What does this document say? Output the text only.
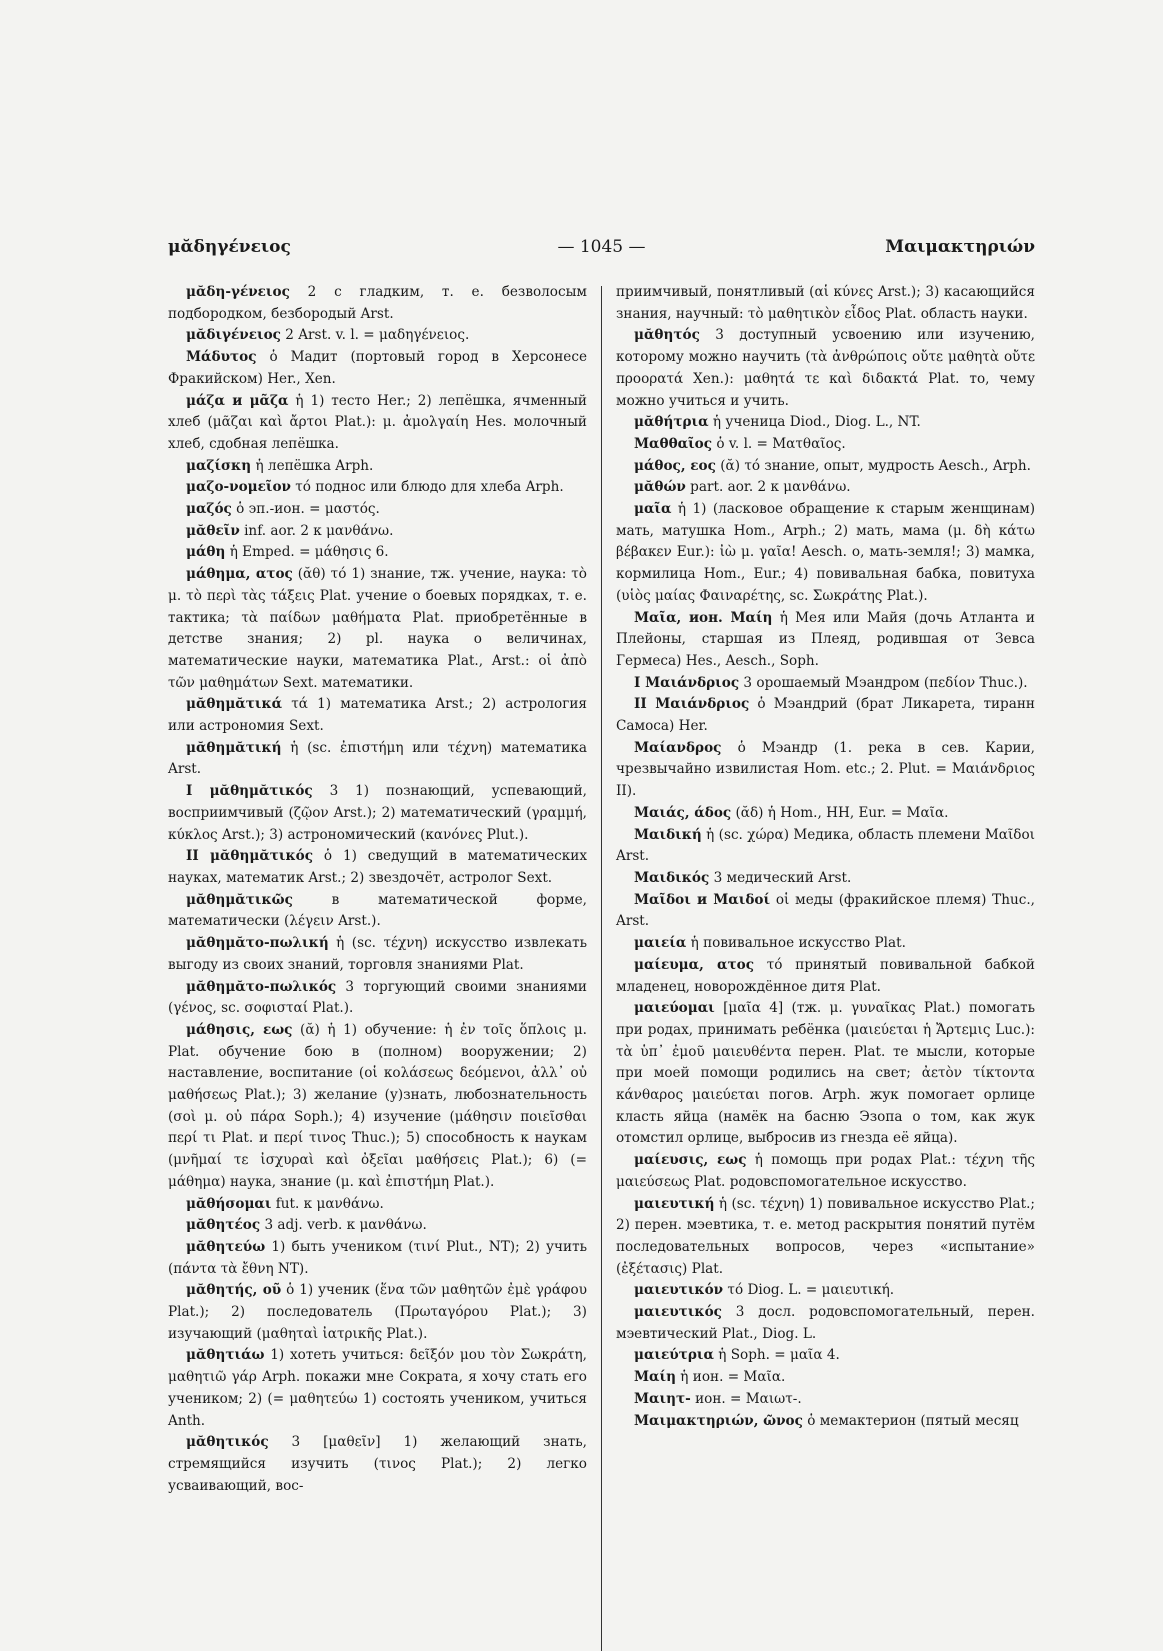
μᾰδηγένειος	— 1045 —	Μαιμακτηριών

μᾰδη-γένειος 2 с гладким, т. е. безволосым подбородком, безбородый Arst.

μᾰδιγένειος 2 Arst. v. l. = μαδηγένειος.

Μάδυτος ὁ Мадит (портовый город в Херсонесе Фракийском) Her., Xen.

μάζα и μᾶζα ἡ 1) тесто Her.; 2) лепёшка, ячменный хлеб (μᾶζαι καὶ ἄρτοι Plat.): μ. ἀμολγαίη Hes. молочный хлеб, сдобная лепёшка.

μαζίσκη ἡ лепёшка Arph.

μαζο-νομεῖον τό поднос или блюдо для хлеба Arph.

μαζός ὁ эп.-ион. = μαστός.

μᾰθεῖν inf. aor. 2 к μανθάνω.

μάθη ἡ Emped. = μάθησις 6.

μάθημα, ατος (ᾰθ) τό 1) знание, тж. учение, наука: τὸ μ. τὸ περὶ τὰς τάξεις Plat. учение о боевых порядках, т. е. тактика; τὰ παίδων μαθήματα Plat. приобретённые в детстве знания; 2) pl. наука о величинах, математические науки, математика Plat., Arst.: οἱ ἀπὸ τῶν μαθημάτων Sext. математики.

μᾰθημᾰτικά τά 1) математика Arst.; 2) астрология или астрономия Sext.

μᾰθημᾰτική ἡ (sc. ἐπιστήμη или τέχνη) математика Arst.

I μᾰθημᾰτικός 3 1) познающий, успевающий, восприимчивый (ζῷον Arst.); 2) математический (γραμμή, κύκλος Arst.); 3) астрономический (κανόνες Plut.).

II μᾰθημᾰτικός ὁ 1) сведущий в математических науках, математик Arst.; 2) звездочёт, астролог Sext.

μᾰθημᾰτικῶς в математической форме, математически (λέγειν Arst.).

μᾰθημᾰτο-πωλική ἡ (sc. τέχνη) искусство извлекать выгоду из своих знаний, торговля знаниями Plat.

μᾰθημᾰτο-πωλικός 3 торгующий своими знаниями (γένος, sc. σοφισταί Plat.).

μάθησις, εως (ᾰ) ἡ 1) обучение: ἡ ἐν τοῖς ὅπλοις μ. Plat. обучение бою в (полном) вооружении; 2) наставление, воспитание (οἱ κολάσεως δεόμενοι, ἀλλ᾽ οὐ μαθήσεως Plat.); 3) желание (у)знать, любознательность (σοὶ μ. οὐ πάρα Soph.); 4) изучение (μάθησιν ποιεῖσθαι περί τι Plat. и περί τινος Thuc.); 5) способность к наукам (μνῆμαί τε ἰσχυραὶ καὶ ὀξεῖαι μαθήσεις Plat.); 6) (= μάθημα) наука, знание (μ. καὶ ἐπιστήμη Plat.).

μᾰθήσομαι fut. к μανθάνω.

μᾰθητέος 3 adj. verb. к μανθάνω.

μᾰθητεύω 1) быть учеником (τινί Plut., NT); 2) учить (πάντα τὰ ἔθνη NT).

μᾰθητής, οῦ ὁ 1) ученик (ἕνα τῶν μαθητῶν ἐμὲ γράφου Plat.); 2) последователь (Πρωταγόρου Plat.); 3) изучающий (μαθηταὶ ἰατρικῆς Plat.).

μᾰθητιάω 1) хотеть учиться: δεῖξόν μου τὸν Σωκράτη, μαθητιῶ γάρ Arph. покажи мне Сократа, я хочу стать его учеником; 2) (= μαθητεύω 1) состоять учеником, учиться Anth.

μᾰθητικός 3 [μαθεῖν] 1) желающий знать, стремящийся изучить (τινος Plat.); 2) легко усваивающий, вос-

приимчивый, понятливый (αἱ κύνες Arst.); 3) касающийся знания, научный: τὸ μαθητικὸν εἶδος Plat. область науки.

μᾰθητός 3 доступный усвоению или изучению, которому можно научить (τὰ ἀνθρώποις οὔτε μαθητὰ οὔτε προορατά Xen.): μαθητά τε καὶ διδακτά Plat. то, чему можно учиться и учить.

μᾰθήτρια ἡ ученица Diod., Diog. L., NT.

Μαθθαῖος ὁ v. l. = Ματθαῖος.

μάθος, εος (ᾰ) τό знание, опыт, мудрость Aesch., Arph.

μᾰθών part. aor. 2 к μανθάνω.

μαῖα ἡ 1) (ласковое обращение к старым женщинам) мать, матушка Hom., Arph.; 2) мать, мама (μ. δὴ κάτω βέβακεν Eur.): ἰὼ μ. γαῖα! Aesch. о, мать-земля!; 3) мамка, кормилица Hom., Eur.; 4) повивальная бабка, повитуха (υἱὸς μαίας Φαιναρέτης, sc. Σωκράτης Plat.).

Μαῖα, ион. Μαίη ἡ Мея или Майя (дочь Атланта и Плейоны, старшая из Плеяд, родившая от Зевса Гермеса) Hes., Aesch., Soph.

I Μαιάνδριος 3 орошаемый Мэандром (πεδίον Thuc.).

II Μαιάνδριος ὁ Мэандрий (брат Ликарета, тиранн Самоса) Her.

Μαίανδρος ὁ Мэандр (1. река в сев. Карии, чрезвычайно извилистая Hom. etc.; 2. Plut. = Μαιάνδριος II).

Μαιάς, άδος (ᾰδ) ἡ Hom., HH, Eur. = Μαῖα.

Μαιδική ἡ (sc. χώρα) Медика, область племени Μαῖδοι Arst.

Μαιδικός 3 медический Arst.

Μαῖδοι и Μαιδοί οἱ меды (фракийское племя) Thuc., Arst.

μαιεία ἡ повивальное искусство Plat.

μαίευμα, ατος τό принятый повивальной бабкой младенец, новорождённое дитя Plat.

μαιεύομαι [μαῖα 4] (тж. μ. γυναῖκας Plat.) помогать при родах, принимать ребёнка (μαιεύεται ἡ Ἄρτεμις Luc.): τὰ ὑπ᾽ ἐμοῦ μαιευθέντα перен. Plat. те мысли, которые при моей помощи родились на свет; ἀετὸν τίκτοντα κάνθαρος μαιεύεται погов. Arph. жук помогает орлице класть яйца (намёк на басню Эзопа о том, как жук отомстил орлице, выбросив из гнезда её яйца).

μαίευσις, εως ἡ помощь при родах Plat.: τέχνη τῆς μαιεύσεως Plat. родовспомогательное искусство.

μαιευτική ἡ (sc. τέχνη) 1) повивальное искусство Plat.; 2) перен. мэевтика, т. е. метод раскрытия понятий путём последовательных вопросов, через «испытание» (ἐξέτασις) Plat.

μαιευτικόν τό Diog. L. = μαιευτική.

μαιευτικός 3 досл. родовспомогательный, перен. мэевтический Plat., Diog. L.

μαιεύτρια ἡ Soph. = μαῖα 4.

Μαίη ἡ ион. = Μαῖα.

Μαιητ- ион. = Μαιωτ-.

Μαιμακτηριών, ῶνος ὁ мемактерион (пятый месяц
